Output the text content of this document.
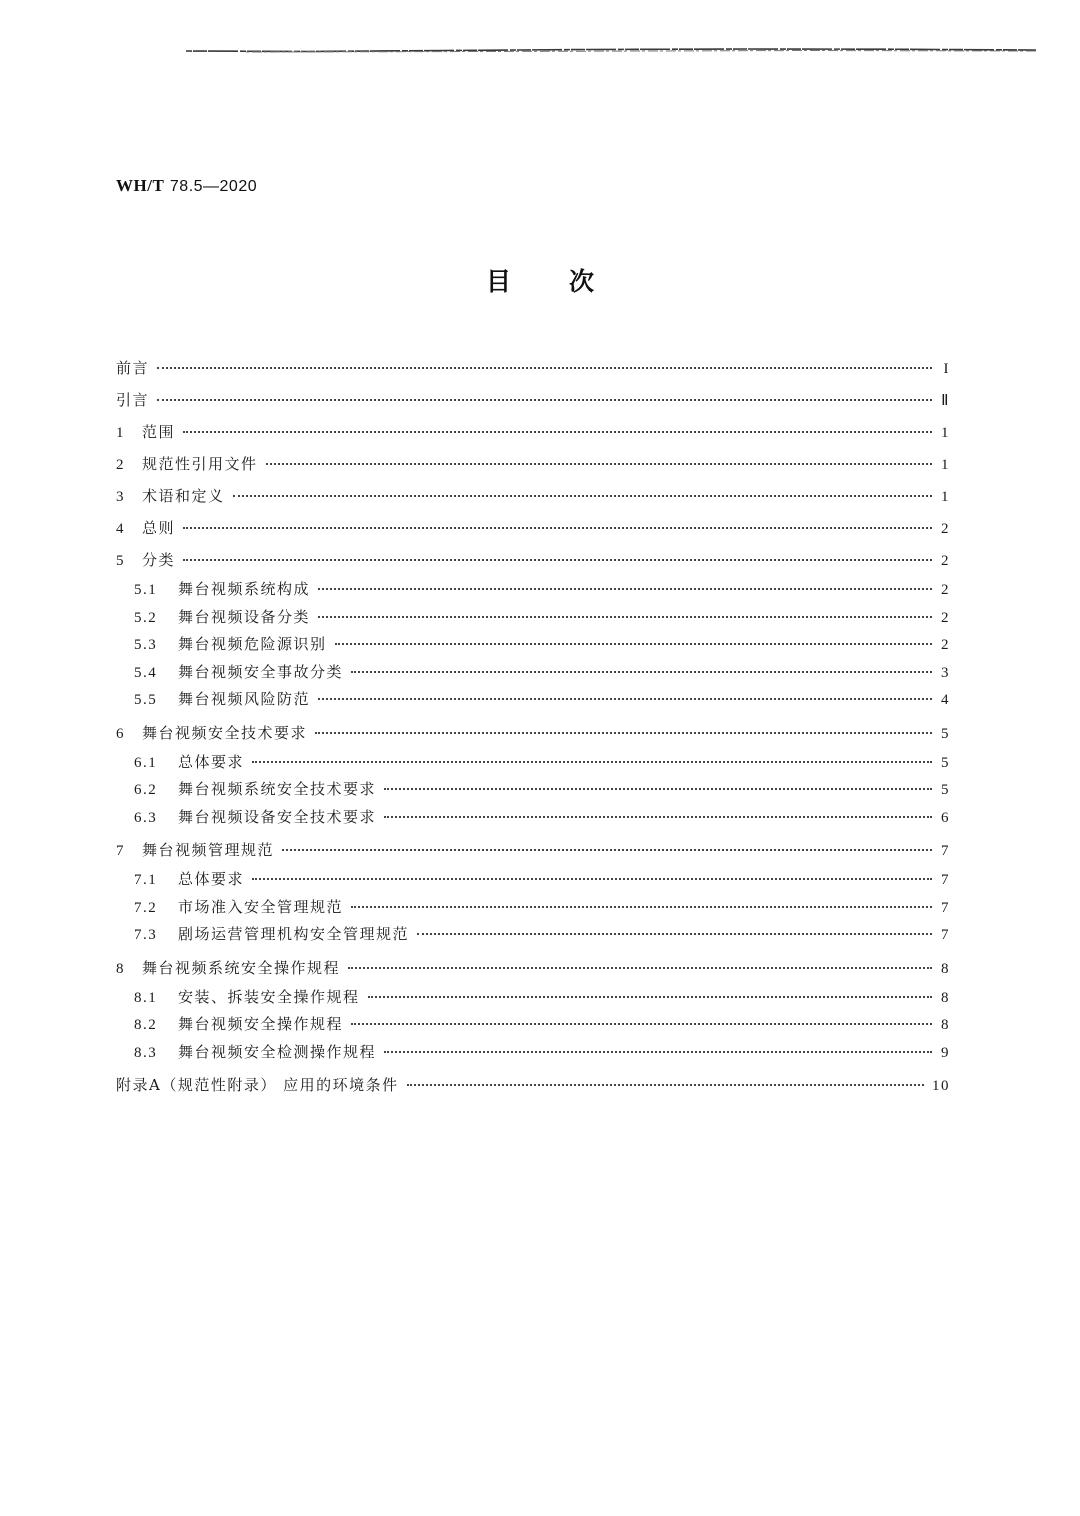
WH/T 78.5—2020
目次
前言	I
引言	Ⅱ
1	范围	1
2	规范性引用文件	1
3	术语和定义	1
4	总则	2
5	分类	2
5.1	舞台视频系统构成	2
5.2	舞台视频设备分类	2
5.3	舞台视频危险源识别	2
5.4	舞台视频安全事故分类	3
5.5	舞台视频风险防范	4
6	舞台视频安全技术要求	5
6.1	总体要求	5
6.2	舞台视频系统安全技术要求	5
6.3	舞台视频设备安全技术要求	6
7	舞台视频管理规范	7
7.1	总体要求	7
7.2	市场准入安全管理规范	7
7.3	剧场运营管理机构安全管理规范	7
8	舞台视频系统安全操作规程	8
8.1	安装、拆装安全操作规程	8
8.2	舞台视频安全操作规程	8
8.3	舞台视频安全检测操作规程	9
附录A（规范性附录） 应用的环境条件	10
